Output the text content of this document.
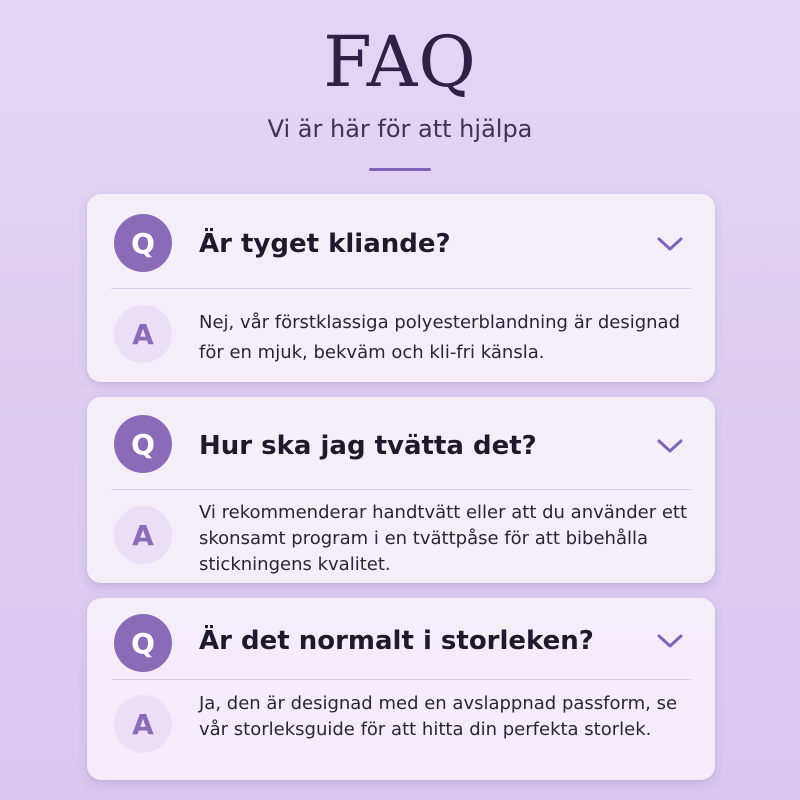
FAQ
Vi är här för att hjälpa
Q	Är tyget kliande?
A	Nej, vår förstklassiga polyesterblandning är designad för en mjuk, bekväm och kli-fri känsla.
Q	Hur ska jag tvätta det?
A
Vi rekommenderar handtvätt eller att du använder ett skonsamt program i en tvättpåse för att bibehålla stickningens kvalitet.
Q	Är det normalt i storleken?
A
Ja, den är designad med en avslappnad passform, se vår storleksguide för att hitta din perfekta storlek.
